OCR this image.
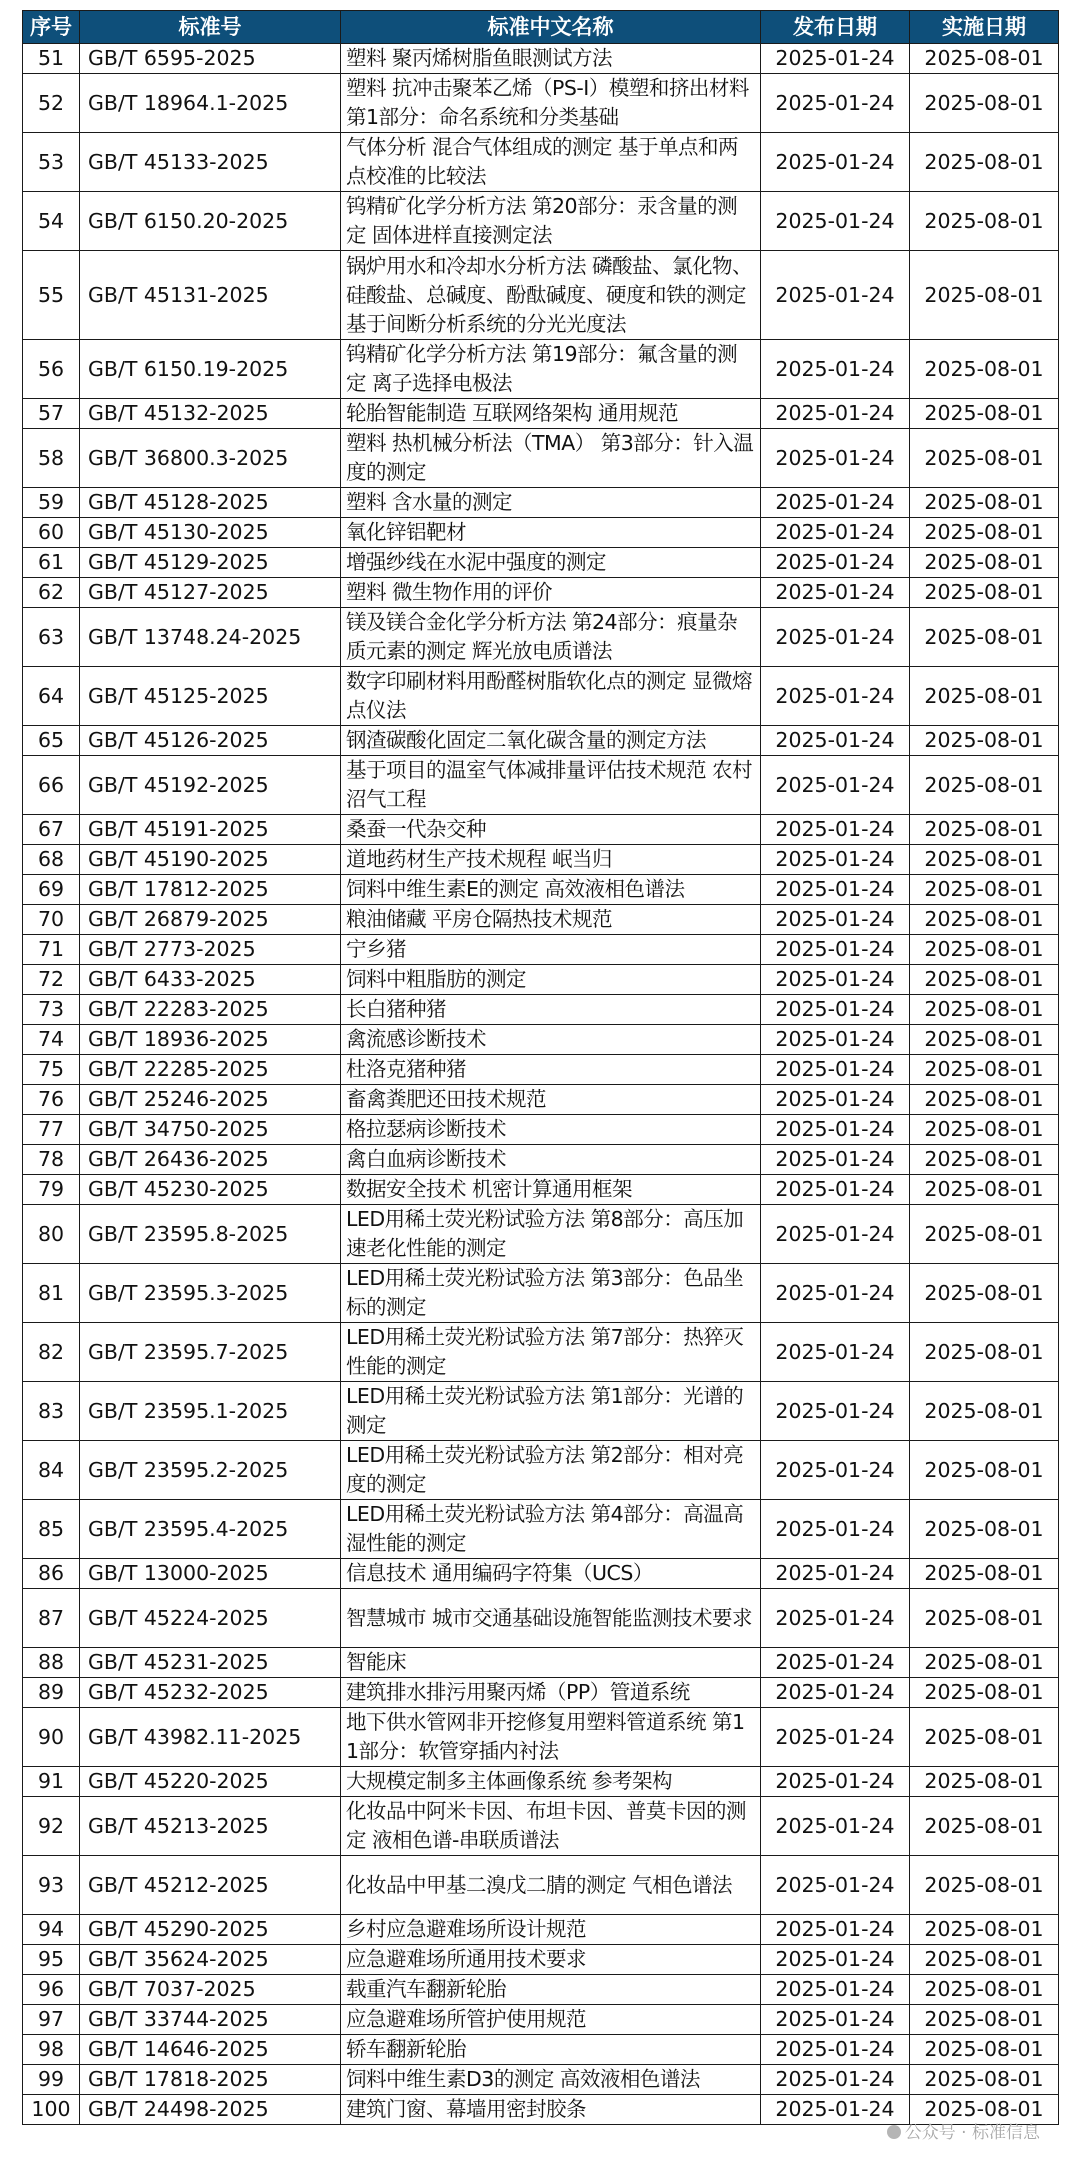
序号	标准号	标准中文名称	发布日期	实施日期
51	GB/T 6595-2025	塑料 聚丙烯树脂鱼眼测试方法	2025-01-24	2025-08-01
52	GB/T 18964.1-2025	塑料 抗冲击聚苯乙烯（PS-I）模塑和挤出材料 第1部分：命名系统和分类基础	2025-01-24	2025-08-01
53	GB/T 45133-2025	气体分析 混合气体组成的测定 基于单点和两点校准的比较法	2025-01-24	2025-08-01
54	GB/T 6150.20-2025	钨精矿化学分析方法 第20部分：汞含量的测定 固体进样直接测定法	2025-01-24	2025-08-01
55	GB/T 45131-2025	锅炉用水和冷却水分析方法 磷酸盐、氯化物、硅酸盐、总碱度、酚酞碱度、硬度和铁的测定 基于间断分析系统的分光光度法	2025-01-24	2025-08-01
56	GB/T 6150.19-2025	钨精矿化学分析方法 第19部分：氟含量的测定 离子选择电极法	2025-01-24	2025-08-01
57	GB/T 45132-2025	轮胎智能制造 互联网络架构 通用规范	2025-01-24	2025-08-01
58	GB/T 36800.3-2025	塑料 热机械分析法（TMA） 第3部分：针入温度的测定	2025-01-24	2025-08-01
59	GB/T 45128-2025	塑料 含水量的测定	2025-01-24	2025-08-01
60	GB/T 45130-2025	氧化锌铝靶材	2025-01-24	2025-08-01
61	GB/T 45129-2025	增强纱线在水泥中强度的测定	2025-01-24	2025-08-01
62	GB/T 45127-2025	塑料 微生物作用的评价	2025-01-24	2025-08-01
63	GB/T 13748.24-2025	镁及镁合金化学分析方法 第24部分：痕量杂质元素的测定 辉光放电质谱法	2025-01-24	2025-08-01
64	GB/T 45125-2025	数字印刷材料用酚醛树脂软化点的测定 显微熔点仪法	2025-01-24	2025-08-01
65	GB/T 45126-2025	钢渣碳酸化固定二氧化碳含量的测定方法	2025-01-24	2025-08-01
66	GB/T 45192-2025	基于项目的温室气体减排量评估技术规范 农村沼气工程	2025-01-24	2025-08-01
67	GB/T 45191-2025	桑蚕一代杂交种	2025-01-24	2025-08-01
68	GB/T 45190-2025	道地药材生产技术规程 岷当归	2025-01-24	2025-08-01
69	GB/T 17812-2025	饲料中维生素E的测定 高效液相色谱法	2025-01-24	2025-08-01
70	GB/T 26879-2025	粮油储藏 平房仓隔热技术规范	2025-01-24	2025-08-01
71	GB/T 2773-2025	宁乡猪	2025-01-24	2025-08-01
72	GB/T 6433-2025	饲料中粗脂肪的测定	2025-01-24	2025-08-01
73	GB/T 22283-2025	长白猪种猪	2025-01-24	2025-08-01
74	GB/T 18936-2025	禽流感诊断技术	2025-01-24	2025-08-01
75	GB/T 22285-2025	杜洛克猪种猪	2025-01-24	2025-08-01
76	GB/T 25246-2025	畜禽粪肥还田技术规范	2025-01-24	2025-08-01
77	GB/T 34750-2025	格拉瑟病诊断技术	2025-01-24	2025-08-01
78	GB/T 26436-2025	禽白血病诊断技术	2025-01-24	2025-08-01
79	GB/T 45230-2025	数据安全技术 机密计算通用框架	2025-01-24	2025-08-01
80	GB/T 23595.8-2025	LED用稀土荧光粉试验方法 第8部分：高压加速老化性能的测定	2025-01-24	2025-08-01
81	GB/T 23595.3-2025	LED用稀土荧光粉试验方法 第3部分：色品坐标的测定	2025-01-24	2025-08-01
82	GB/T 23595.7-2025	LED用稀土荧光粉试验方法 第7部分：热猝灭性能的测定	2025-01-24	2025-08-01
83	GB/T 23595.1-2025	LED用稀土荧光粉试验方法 第1部分：光谱的测定	2025-01-24	2025-08-01
84	GB/T 23595.2-2025	LED用稀土荧光粉试验方法 第2部分：相对亮度的测定	2025-01-24	2025-08-01
85	GB/T 23595.4-2025	LED用稀土荧光粉试验方法 第4部分：高温高湿性能的测定	2025-01-24	2025-08-01
86	GB/T 13000-2025	信息技术 通用编码字符集（UCS）	2025-01-24	2025-08-01
87	GB/T 45224-2025	智慧城市 城市交通基础设施智能监测技术要求	2025-01-24	2025-08-01
88	GB/T 45231-2025	智能床	2025-01-24	2025-08-01
89	GB/T 45232-2025	建筑排水排污用聚丙烯（PP）管道系统	2025-01-24	2025-08-01
90	GB/T 43982.11-2025	地下供水管网非开挖修复用塑料管道系统 第11部分：软管穿插内衬法	2025-01-24	2025-08-01
91	GB/T 45220-2025	大规模定制多主体画像系统 参考架构	2025-01-24	2025-08-01
92	GB/T 45213-2025	化妆品中阿米卡因、布坦卡因、普莫卡因的测定 液相色谱-串联质谱法	2025-01-24	2025-08-01
93	GB/T 45212-2025	化妆品中甲基二溴戊二腈的测定 气相色谱法	2025-01-24	2025-08-01
94	GB/T 45290-2025	乡村应急避难场所设计规范	2025-01-24	2025-08-01
95	GB/T 35624-2025	应急避难场所通用技术要求	2025-01-24	2025-08-01
96	GB/T 7037-2025	载重汽车翻新轮胎	2025-01-24	2025-08-01
97	GB/T 33744-2025	应急避难场所管护使用规范	2025-01-24	2025-08-01
98	GB/T 14646-2025	轿车翻新轮胎	2025-01-24	2025-08-01
99	GB/T 17818-2025	饲料中维生素D3的测定 高效液相色谱法	2025-01-24	2025-08-01
100	GB/T 24498-2025	建筑门窗、幕墙用密封胶条	2025-01-24	2025-08-01
公众号 · 标准信息
